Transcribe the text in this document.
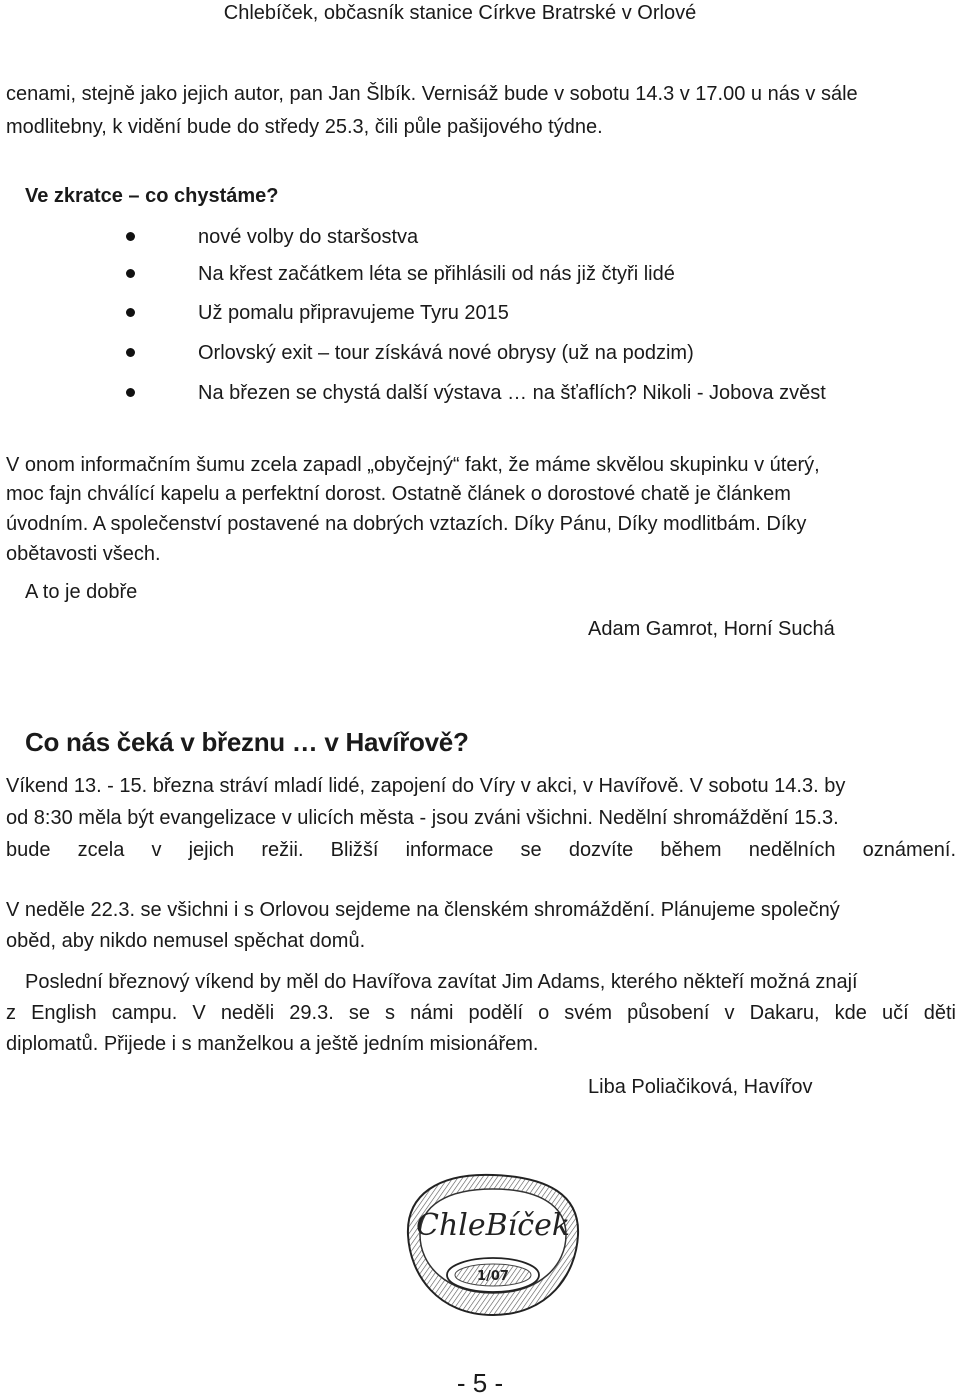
Chlebíček, občasník stanice Církve Bratrské v Orlové
cenami, stejně jako jejich autor, pan Jan Šlbík. Vernisáž bude v sobotu 14.3 v 17.00 u nás v sále
modlitebny, k vidění bude do středy 25.3, čili půle pašijového týdne.
Ve zkratce – co chystáme?
nové volby do staršostva
Na křest začátkem léta se přihlásili od nás již čtyři lidé
Už pomalu připravujeme Tyru 2015
Orlovský exit – tour získává nové obrysy (už na podzim)
Na březen se chystá další výstava … na šťaflích? Nikoli - Jobova zvěst
V onom informačním šumu zcela zapadl „obyčejný“ fakt, že máme skvělou skupinku v úterý,
moc fajn chválící kapelu a perfektní dorost. Ostatně článek o dorostové chatě je článkem
úvodním. A společenství postavené na dobrých vztazích. Díky Pánu, Díky modlitbám. Díky
obětavosti všech.
A to je dobře
Adam Gamrot, Horní Suchá
Co nás čeká v březnu … v Havířově?
Víkend 13. - 15. března stráví mladí lidé, zapojení do Víry v akci, v Havířově. V sobotu 14.3. by
od 8:30 měla být evangelizace v ulicích města - jsou zváni všichni. Nedělní shromáždění 15.3.
bude zcela v jejich režii. Bližší informace se dozvíte během nedělních oznámení.
V neděle 22.3. se všichni i s Orlovou sejdeme na členském shromáždění. Plánujeme společný
oběd, aby nikdo nemusel spěchat domů.
Poslední březnový víkend by měl do Havířova zavítat Jim Adams, kterého někteří možná znají
z English campu. V neděli 29.3. se s námi podělí o svém působení v Dakaru, kde učí děti
diplomatů. Přijede i s manželkou a ještě jedním misionářem.
Liba Poliačiková, Havířov
ChleBíček
1/07
- 5 -
